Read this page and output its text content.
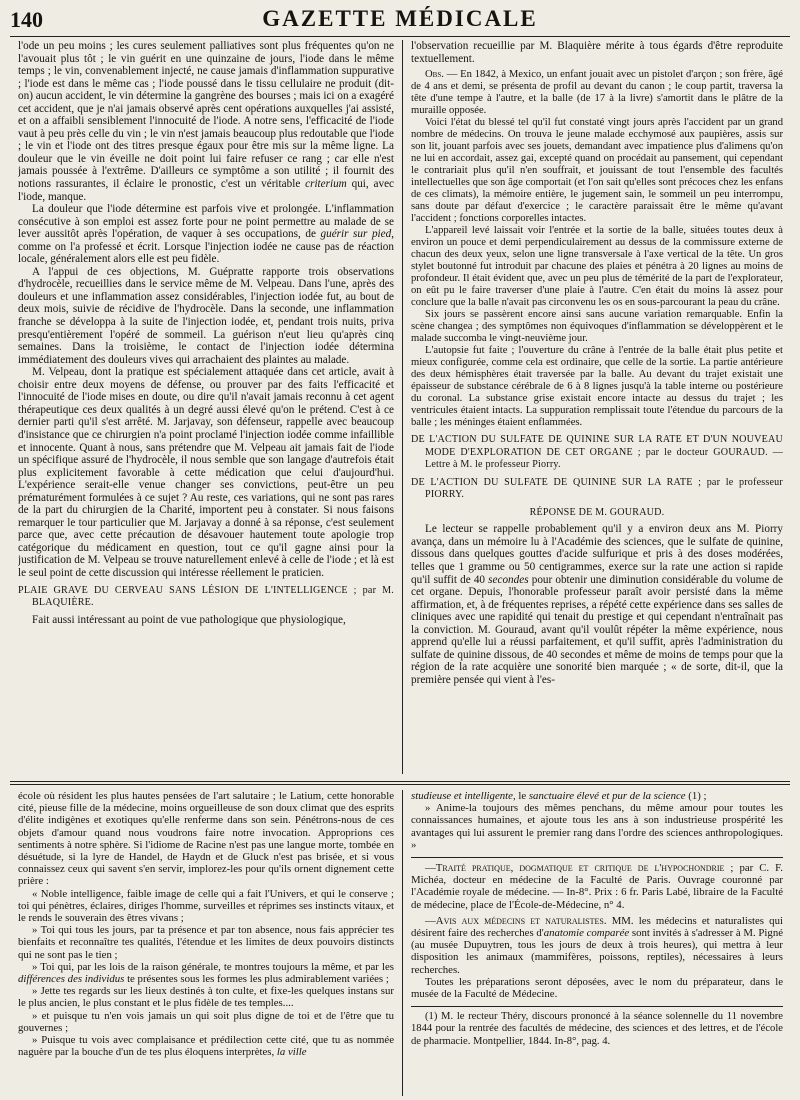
140	GAZETTE MÉDICALE

l'ode un peu moins ; les cures seulement palliatives sont plus fréquentes qu'on ne l'avouait plus tôt ; le vin guérit en une quinzaine de jours, l'iode dans le même temps ; le vin, convenablement injecté, ne cause jamais d'inflammation suppurative ; l'iode est dans le même cas ; l'iode poussé dans le tissu cellulaire ne produit (dit-on) aucun accident, le vin détermine la gangrène des bourses ; mais ici on a exagéré cet accident, que je n'ai jamais observé après cent opérations auxquelles j'ai assisté, et on a affaibli sensiblement l'innocuité de l'iode. A notre sens, l'efficacité de l'iode vaut à peu près celle du vin ; le vin n'est jamais beaucoup plus redoutable que l'iode ; le vin et l'iode ont des titres presque égaux pour être mis sur la même ligne. La douleur que le vin éveille ne doit point lui faire refuser ce rang ; car elle n'est jamais poussée à l'extrême. D'ailleurs ce symptôme a son utilité ; il fournit des notions rassurantes, il éclaire le pronostic, c'est un véritable criterium qui, avec l'iode, manque.

La douleur que l'iode détermine est parfois vive et prolongée. L'inflammation consécutive à son emploi est assez forte pour ne point permettre au malade de se lever aussitôt après l'opération, de vaquer à ses occupations, de guérir sur pied, comme on l'a professé et écrit. Lorsque l'injection iodée ne cause pas de réaction locale, généralement alors elle est peu fidèle.

A l'appui de ces objections, M. Guépratte rapporte trois observations d'hydrocèle, recueillies dans le service même de M. Velpeau. Dans l'une, après des douleurs et une inflammation assez considérables, l'injection iodée fut, au bout de deux mois, suivie de récidive de l'hydrocèle. Dans la seconde, une inflammation franche se développa à la suite de l'injection iodée, et, pendant trois nuits, priva presqu'entièrement l'opéré de sommeil. La guérison n'eut lieu qu'après cinq semaines. Dans la troisième, le contact de l'injection iodée détermina immédiatement des douleurs vives qui arrachaient des plaintes au malade.

M. Velpeau, dont la pratique est spécialement attaquée dans cet article, avait à choisir entre deux moyens de défense, ou prouver par des faits l'efficacité et l'innocuité de l'iode mises en doute, ou dire qu'il n'avait jamais reconnu à cet agent thérapeutique ces deux qualités à un degré aussi élevé qu'on le prétend. C'est à ce dernier parti qu'il s'est arrêté. M. Jarjavay, son défenseur, rappelle avec beaucoup d'insistance que ce chirurgien n'a point proclamé l'injection iodée comme infaillible et innocente. Quant à nous, sans prétendre que M. Velpeau ait jamais fait de l'iode un spécifique assuré de l'hydrocèle, il nous semble que son langage d'autrefois était plus explicitement favorable à cette médication que celui d'aujourd'hui. L'expérience serait-elle venue changer ses convictions, peut-être un peu prématurément formulées à ce sujet ? Au reste, ces variations, qui ne sont pas rares de la part du chirurgien de la Charité, importent peu à constater. Si nous faisons remarquer le tour particulier que M. Jarjavay a donné à sa réponse, c'est seulement parce que, avec cette précaution de désavouer hautement toute apologie trop catégorique du médicament en question, tout ce qu'il gagne ainsi pour la justification de M. Velpeau se trouve naturellement enlevé à celle de l'iode ; et là est le seul point de cette discussion qui intéresse réellement le praticien.

PLAIE GRAVE DU CERVEAU SANS LÉSION DE L'INTELLIGENCE ; par M. BLAQUIÈRE.

Fait aussi intéressant au point de vue pathologique que physiologique,

l'observation recueillie par M. Blaquière mérite à tous égards d'être reproduite textuellement.

Obs. — En 1842, à Mexico, un enfant jouait avec un pistolet d'arçon ; son frère, âgé de 4 ans et demi, se présenta de profil au devant du canon ; le coup partit, traversa la tête d'une tempe à l'autre, et la balle (de 17 à la livre) s'amortit dans le plâtre de la muraille opposée.

Voici l'état du blessé tel qu'il fut constaté vingt jours après l'accident par un grand nombre de médecins. On trouva le jeune malade ecchymosé aux paupières, assis sur son lit, jouant parfois avec ses jouets, demandant avec impatience plus d'alimens qu'on ne lui en accordait, assez gai, excepté quand on procédait au pansement, qui cependant le contrariait plus qu'il n'en souffrait, et jouissant de tout l'ensemble des facultés intellectuelles que son âge comportait (et l'on sait qu'elles sont précoces chez les enfans de ces climats), la mémoire entière, le jugement sain, le sommeil un peu interrompu, sans doute par défaut d'exercice ; le caractère paraissait être le même qu'avant l'accident ; fonctions corporelles intactes.

L'appareil levé laissait voir l'entrée et la sortie de la balle, situées toutes deux à environ un pouce et demi perpendiculairement au dessus de la commissure externe de chacun des deux yeux, selon une ligne transversale à l'axe vertical de la tête. Un gros stylet boutonné fut introduit par chacune des plaies et pénétra à 20 lignes au moins de profondeur. Il était évident que, avec un peu plus de témérité de la part de l'explorateur, on eût pu le faire traverser d'une plaie à l'autre. C'en était du moins là assez pour conclure que la balle n'avait pas circonvenu les os en sous-parcourant la peau du crâne.

Six jours se passèrent encore ainsi sans aucune variation remarquable. Enfin la scène changea ; des symptômes non équivoques d'inflammation se développèrent et le malade succomba le vingt-neuvième jour.

L'autopsie fut faite ; l'ouverture du crâne à l'entrée de la balle était plus petite et mieux configurée, comme cela est ordinaire, que celle de la sortie. La partie antérieure des deux hémisphères était traversée par la balle. Au devant du trajet existait une épaisseur de substance cérébrale de 6 à 8 lignes jusqu'à la table interne ou postérieure du coronal. La substance grise existait encore intacte au dessus du trajet ; les ventricules étaient intacts. La suppuration remplissait toute l'étendue du parcours de la balle ; les méninges étaient enflammées.

DE L'ACTION DU SULFATE DE QUININE SUR LA RATE ET D'UN NOUVEAU MODE D'EXPLORATION DE CET ORGANE ; par le docteur GOURAUD. — Lettre à M. le professeur Piorry.

DE L'ACTION DU SULFATE DE QUININE SUR LA RATE ; par le professeur PIORRY.

RÉPONSE DE M. GOURAUD.

Le lecteur se rappelle probablement qu'il y a environ deux ans M. Piorry avança, dans un mémoire lu à l'Académie des sciences, que le sulfate de quinine, dissous dans quelques gouttes d'acide sulfurique et pris à des doses modérées, telles que 1 gramme ou 50 centigrammes, exerce sur la rate une action si rapide qu'il suffit de 40 secondes pour obtenir une diminution considérable du volume de cet organe. Depuis, l'honorable professeur paraît avoir persisté dans la même affirmation, et, à de fréquentes reprises, a répété cette expérience dans ses salles de cliniques avec une rapidité qui tenait du prestige et qui cependant n'entraînait pas la conviction. M. Gouraud, avant qu'il voulût répéter la même expérience, nous apprend qu'elle lui a réussi parfaitement, et qu'il suffit, après l'administration du sulfate de quinine dissous, de 40 secondes et même de moins de temps pour que la région de la rate acquière une sonorité bien marquée ; « de sorte, dit-il, que la première pensée qui vient à l'es-

école où résident les plus hautes pensées de l'art salutaire ; le Latium, cette honorable cité, pieuse fille de la médecine, moins orgueilleuse de son doux climat que des esprits d'élite indigènes et exotiques qu'elle renferme dans son sein. Pénétrons-nous de ces objets d'amour quand nous voudrons faire notre invocation. Approprions ces sentiments à notre sphère. Si l'idiome de Racine n'est pas une langue morte, tombée en désuétude, si la lyre de Handel, de Haydn et de Gluck n'est pas brisée, et si vous connaissez ceux qui savent s'en servir, implorez-les pour qu'ils ornent dignement cette prière :

« Noble intelligence, faible image de celle qui a fait l'Univers, et qui le conserve ; toi qui pénètres, éclaires, diriges l'homme, surveilles et réprimes ses instincts vitaux, et le rends le souverain des êtres vivans ;

» Toi qui tous les jours, par ta présence et par ton absence, nous fais apprécier tes bienfaits et reconnaître tes qualités, l'étendue et les limites de deux pouvoirs distincts qui ne sont pas le tien ;

» Toi qui, par les lois de la raison générale, te montres toujours la même, et par les différences des individus te présentes sous les formes les plus admirablement variées ;

» Jette tes regards sur les lieux destinés à ton culte, et fixe-les quelques instans sur le plus ancien, le plus constant et le plus fidèle de tes temples....

» et puisque tu n'en vois jamais un qui soit plus digne de toi et de l'être que tu gouvernes ;

» Puisque tu vois avec complaisance et prédilection cette cité, que tu as nommée naguère par la bouche d'un de tes plus éloquens interprètes, la ville

studieuse et intelligente, le sanctuaire élevé et pur de la science (1) ;

» Anime-la toujours des mêmes penchans, du même amour pour toutes les connaissances humaines, et ajoute tous les ans à son industrieuse prospérité les avantages qui lui assurent le premier rang dans l'ordre des sciences anthropologiques. »

—Traité pratique, dogmatique et critique de l'hypochondrie ; par C. F. Michéa, docteur en médecine de la Faculté de Paris. Ouvrage couronné par l'Académie royale de médecine. — In-8°. Prix : 6 fr. Paris Labé, libraire de la Faculté de médecine, place de l'École-de-Médecine, n° 4.

—Avis aux médecins et naturalistes. MM. les médecins et naturalistes qui désirent faire des recherches d'anatomie comparée sont invités à s'adresser à M. Pigné (au musée Dupuytren, tous les jours de deux à trois heures), qui mettra à leur disposition les animaux (mammifères, poissons, reptiles), nécessaires à leurs recherches.

Toutes les préparations seront déposées, avec le nom du préparateur, dans le musée de la Faculté de Médecine.

(1) M. le recteur Théry, discours prononcé à la séance solennelle du 11 novembre 1844 pour la rentrée des facultés de médecine, des sciences et des lettres, et de l'école de pharmacie. Montpellier, 1844. In-8°, pag. 4.
